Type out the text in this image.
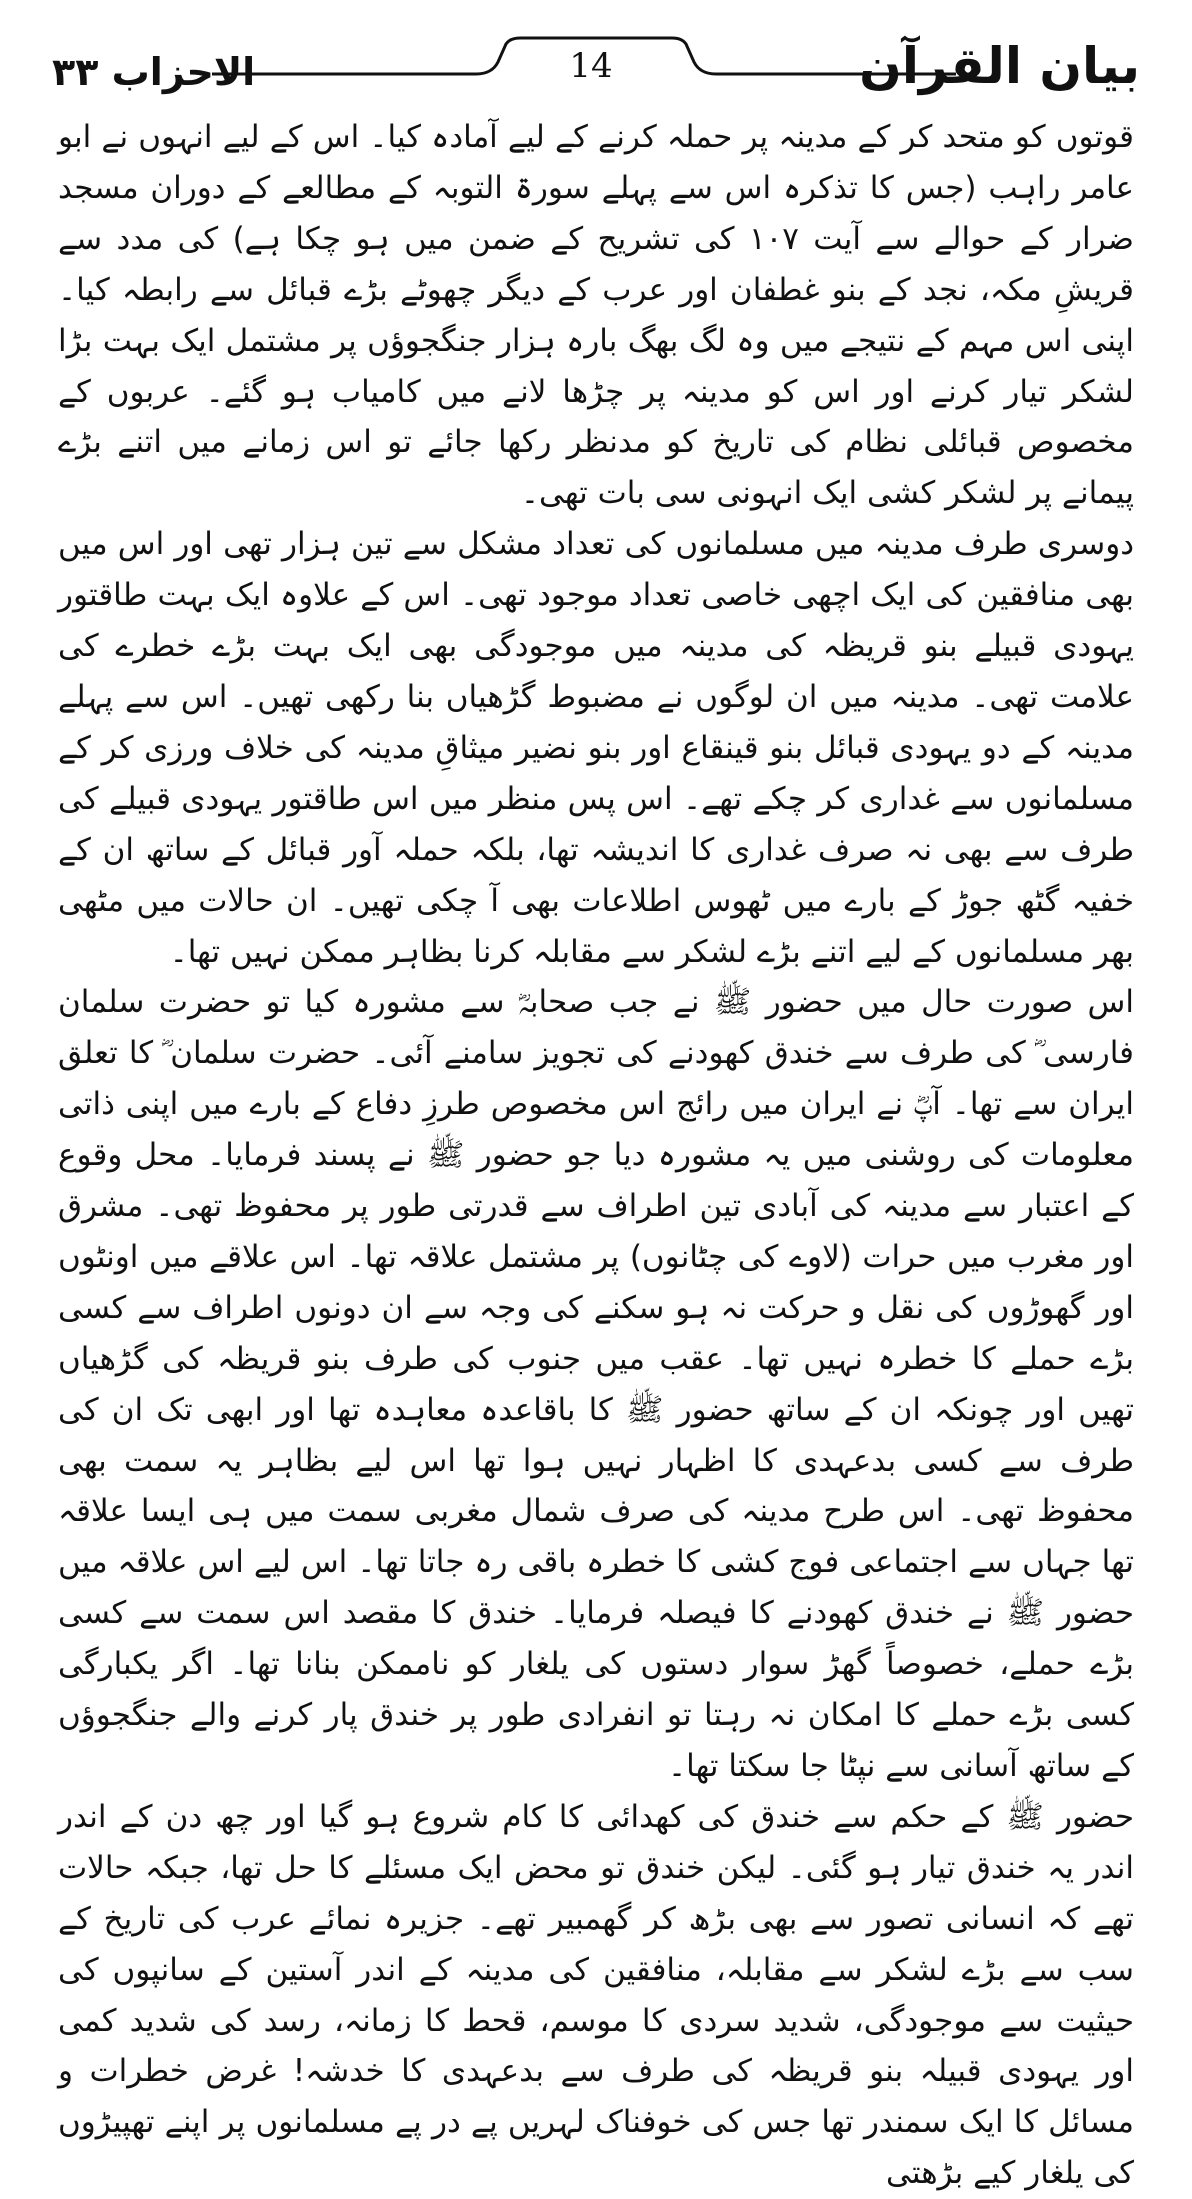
14	بیان القرآن
الاحزاب ۳۳

قوتوں کو متحد کر کے مدینہ پر حملہ کرنے کے لیے آمادہ کیا۔ اس کے لیے انہوں نے ابو عامر راہب (جس کا تذکرہ اس سے پہلے سورۃ التوبہ کے مطالعے کے دوران مسجد ضرار کے حوالے سے آیت ۱۰۷ کی تشریح کے ضمن میں ہو چکا ہے) کی مدد سے قریشِ مکہ، نجد کے بنو غطفان اور عرب کے دیگر چھوٹے بڑے قبائل سے رابطہ کیا۔ اپنی اس مہم کے نتیجے میں وہ لگ بھگ بارہ ہزار جنگجوؤں پر مشتمل ایک بہت بڑا لشکر تیار کرنے اور اس کو مدینہ پر چڑھا لانے میں کامیاب ہو گئے۔ عربوں کے مخصوص قبائلی نظام کی تاریخ کو مدنظر رکھا جائے تو اس زمانے میں اتنے بڑے پیمانے پر لشکر کشی ایک انہونی سی بات تھی۔

دوسری طرف مدینہ میں مسلمانوں کی تعداد مشکل سے تین ہزار تھی اور اس میں بھی منافقین کی ایک اچھی خاصی تعداد موجود تھی۔ اس کے علاوہ ایک بہت طاقتور یہودی قبیلے بنو قریظہ کی مدینہ میں موجودگی بھی ایک بہت بڑے خطرے کی علامت تھی۔ مدینہ میں ان لوگوں نے مضبوط گڑھیاں بنا رکھی تھیں۔ اس سے پہلے مدینہ کے دو یہودی قبائل بنو قینقاع اور بنو نضیر میثاقِ مدینہ کی خلاف ورزی کر کے مسلمانوں سے غداری کر چکے تھے۔ اس پس منظر میں اس طاقتور یہودی قبیلے کی طرف سے بھی نہ صرف غداری کا اندیشہ تھا، بلکہ حملہ آور قبائل کے ساتھ ان کے خفیہ گٹھ جوڑ کے بارے میں ٹھوس اطلاعات بھی آ چکی تھیں۔ ان حالات میں مٹھی بھر مسلمانوں کے لیے اتنے بڑے لشکر سے مقابلہ کرنا بظاہر ممکن نہیں تھا۔

اس صورت حال میں حضور ﷺ نے جب صحابہؓ سے مشورہ کیا تو حضرت سلمان فارسی ؓ کی طرف سے خندق کھودنے کی تجویز سامنے آئی۔ حضرت سلمان ؓ کا تعلق ایران سے تھا۔ آپؓ نے ایران میں رائج اس مخصوص طرزِ دفاع کے بارے میں اپنی ذاتی معلومات کی روشنی میں یہ مشورہ دیا جو حضور ﷺ نے پسند فرمایا۔ محل وقوع کے اعتبار سے مدینہ کی آبادی تین اطراف سے قدرتی طور پر محفوظ تھی۔ مشرق اور مغرب میں حرات (لاوے کی چٹانوں) پر مشتمل علاقہ تھا۔ اس علاقے میں اونٹوں اور گھوڑوں کی نقل و حرکت نہ ہو سکنے کی وجہ سے ان دونوں اطراف سے کسی بڑے حملے کا خطرہ نہیں تھا۔ عقب میں جنوب کی طرف بنو قریظہ کی گڑھیاں تھیں اور چونکہ ان کے ساتھ حضور ﷺ کا باقاعدہ معاہدہ تھا اور ابھی تک ان کی طرف سے کسی بدعہدی کا اظہار نہیں ہوا تھا اس لیے بظاہر یہ سمت بھی محفوظ تھی۔ اس طرح مدینہ کی صرف شمال مغربی سمت میں ہی ایسا علاقہ تھا جہاں سے اجتماعی فوج کشی کا خطرہ باقی رہ جاتا تھا۔ اس لیے اس علاقہ میں حضور ﷺ نے خندق کھودنے کا فیصلہ فرمایا۔ خندق کا مقصد اس سمت سے کسی بڑے حملے، خصوصاً گھڑ سوار دستوں کی یلغار کو ناممکن بنانا تھا۔ اگر یکبارگی کسی بڑے حملے کا امکان نہ رہتا تو انفرادی طور پر خندق پار کرنے والے جنگجوؤں کے ساتھ آسانی سے نپٹا جا سکتا تھا۔

حضور ﷺ کے حکم سے خندق کی کھدائی کا کام شروع ہو گیا اور چھ دن کے اندر اندر یہ خندق تیار ہو گئی۔ لیکن خندق تو محض ایک مسئلے کا حل تھا، جبکہ حالات تھے کہ انسانی تصور سے بھی بڑھ کر گھمبیر تھے۔ جزیرہ نمائے عرب کی تاریخ کے سب سے بڑے لشکر سے مقابلہ، منافقین کی مدینہ کے اندر آستین کے سانپوں کی حیثیت سے موجودگی، شدید سردی کا موسم، قحط کا زمانہ، رسد کی شدید کمی اور یہودی قبیلہ بنو قریظہ کی طرف سے بدعہدی کا خدشہ! غرض خطرات و مسائل کا ایک سمندر تھا جس کی خوفناک لہریں پے در پے مسلمانوں پر اپنے تھپیڑوں کی یلغار کیے بڑھتی
